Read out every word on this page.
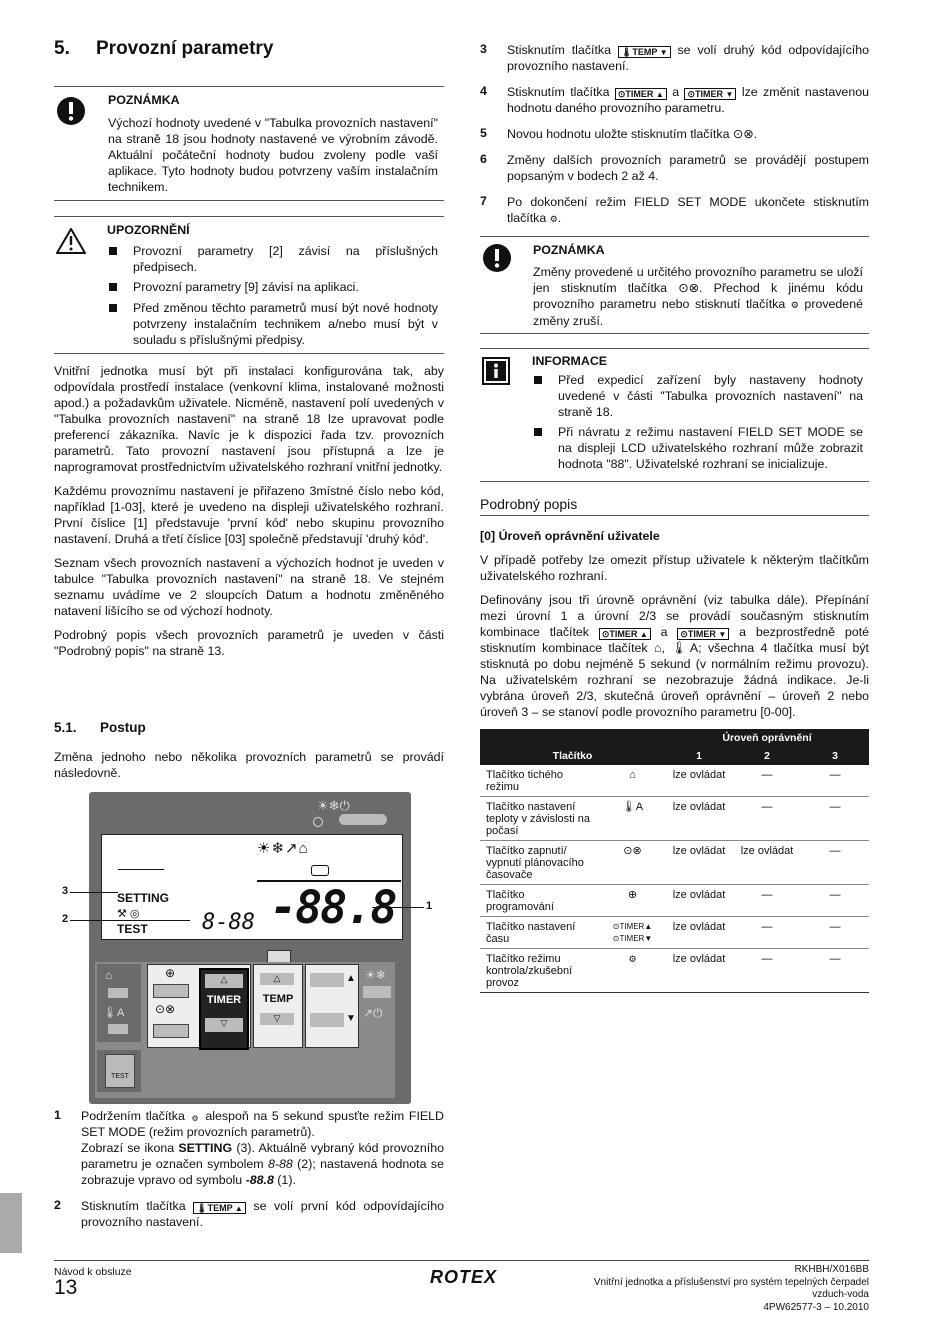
5. Provozní parametry
POZNÁMKA

Výchozí hodnoty uvedené v "Tabulka provozních nastavení" na straně 18 jsou hodnoty nastavené ve výrobním závodě. Aktuální počáteční hodnoty budou zvoleny podle vaší aplikace. Tyto hodnoty budou potvrzeny vaším instalačním technikem.

UPOZORNĚNÍ

Provozní parametry [2] závisí na příslušných předpisech.

Provozní parametry [9] závisí na aplikaci.

Před změnou těchto parametrů musí být nové hodnoty potvrzeny instalačním technikem a/nebo musí být v souladu s příslušnými předpisy.

Vnitřní jednotka musí být při instalaci konfigurována tak, aby odpovídala prostředí instalace (venkovní klima, instalované možnosti apod.) a požadavkům uživatele. Nicméně, nastavení polí uvedených v "Tabulka provozních nastavení" na straně 18 lze upravovat podle preferencí zákazníka. Navíc je k dispozici řada tzv. provozních parametrů. Tato provozní nastavení jsou přístupná a lze je naprogramovat prostřednictvím uživatelského rozhraní vnitřní jednotky.

Každému provoznímu nastavení je přiřazeno 3místné číslo nebo kód, například [1-03], které je uvedeno na displeji uživatelského rozhraní. První číslice [1] představuje 'první kód' nebo skupinu provozního nastavení. Druhá a třetí číslice [03] společně představují 'druhý kód'.

Seznam všech provozních nastavení a výchozích hodnot je uveden v tabulce "Tabulka provozních nastavení" na straně 18. Ve stejném seznamu uvádíme ve 2 sloupcích Datum a hodnotu změněného natavení lišícího se od výchozí hodnoty.

Podrobný popis všech provozních parametrů je uveden v části "Podrobný popis" na straně 13.

5.1. Postup

Změna jednoho nebo několika provozních parametrů se provádí následovně.

☀❄⏻
☀❄↗⌂
SETTING
⚒ ◎
TEST 8-88 -88.8
⌂
🌡A
⊕
⊙⊗
△
TIMER
▽
△
TEMP
▽
▲
▼
☀❄
↗⏻
TEST
3
2
1
1 Podržením tlačítka ⚙ alespoň na 5 sekund spusťte režim FIELD SET MODE (režim provozních parametrů).
Zobrazí se ikona SETTING (3). Aktuálně vybraný kód provozního parametru je označen symbolem 8-88 (2); nastavená hodnota se zobrazuje vpravo od symbolu -88.8 (1).

2 Stisknutím tlačítka 🌡TEMP ▲ se volí první kód odpovídajícího provozního nastavení.

3 Stisknutím tlačítka 🌡TEMP ▼ se volí druhý kód odpovídajícího provozního nastavení.

4 Stisknutím tlačítka ⊙TIMER ▲ a ⊙TIMER ▼ lze změnit nastavenou hodnotu daného provozního parametru.

5 Novou hodnotu uložte stisknutím tlačítka ⊙⊗.

6 Změny dalších provozních parametrů se provádějí postupem popsaným v bodech 2 až 4.

7 Po dokončení režim FIELD SET MODE ukončete stisknutím tlačítka ⚙.

POZNÁMKA

Změny provedené u určitého provozního parametru se uloží jen stisknutím tlačítka ⊙⊗. Přechod k jinému kódu provozního parametru nebo stisknutí tlačítka ⚙ provedené změny zruší.

INFORMACE

Před expedicí zařízení byly nastaveny hodnoty uvedené v části "Tabulka provozních nastavení" na straně 18.

Při návratu z režimu nastavení FIELD SET MODE se na displeji LCD uživatelského rozhraní může zobrazit hodnota "88". Uživatelské rozhraní se inicializuje.

Podrobný popis
[0] Úroveň oprávnění uživatele

V případě potřeby lze omezit přístup uživatele k některým tlačítkům uživatelského rozhraní.

Definovány jsou tři úrovně oprávnění (viz tabulka dále). Přepínání mezi úrovní 1 a úrovní 2/3 se provádí současným stisknutím kombinace tlačítek ⊙TIMER ▲ a ⊙TIMER ▼ a bezprostředně poté stisknutím kombinace tlačítek ⌂, 🌡A; všechna 4 tlačítka musí být stisknutá po dobu nejméně 5 sekund (v normálním režimu provozu). Na uživatelském rozhraní se nezobrazuje žádná indikace. Je-li vybrána úroveň 2/3, skutečná úroveň oprávnění – úroveň 2 nebo úroveň 3 – se stanoví podle provozního parametru [0-00].

		Úroveň oprávnění		
Tlačítko		1	2	3
Tlačítko tichého režimu	⌂	lze ovládat	—	—
Tlačítko nastavení teploty v závislosti na počasí	🌡A	lze ovládat	—	—
Tlačítko zapnutí/ vypnutí plánovacího časovače	⊙⊗	lze ovládat	lze ovládat	—
Tlačítko programování	⊕	lze ovládat	—	—
Tlačítko nastavení času	⊙TIMER▲
⊙TIMER▼	lze ovládat	—	—
Tlačítko režimu kontrola/zkušební provoz	⚙	lze ovládat	—	—
Návod k obsluze
13	ROTEX	RKHBH/X016BB
Vnitřní jednotka a příslušenství pro systém tepelných čerpadel
vzduch-voda
4PW62577-3 – 10.2010
